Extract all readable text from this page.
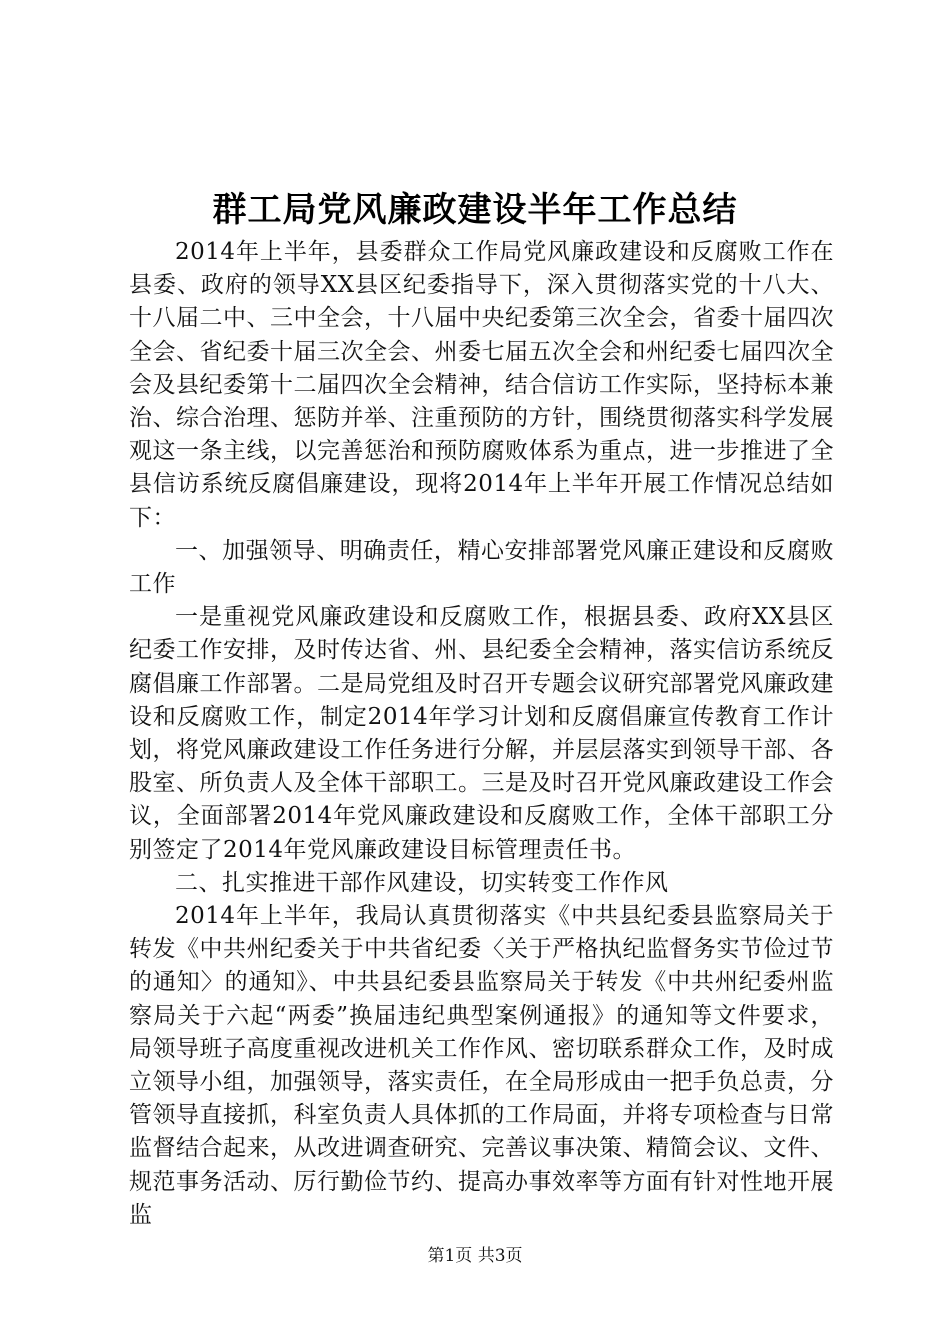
群工局党风廉政建设半年工作总结

2014年上半年，县委群众工作局党风廉政建设和反腐败工作在县委、政府的领导XX县区纪委指导下，深入贯彻落实党的十八大、十八届二中、三中全会，十八届中央纪委第三次全会，省委十届四次全会、省纪委十届三次全会、州委七届五次全会和州纪委七届四次全会及县纪委第十二届四次全会精神，结合信访工作实际，坚持标本兼治、综合治理、惩防并举、注重预防的方针，围绕贯彻落实科学发展观这一条主线，以完善惩治和预防腐败体系为重点，进一步推进了全县信访系统反腐倡廉建设，现将2014年上半年开展工作情况总结如下：

一、加强领导、明确责任，精心安排部署党风廉正建设和反腐败工作

一是重视党风廉政建设和反腐败工作，根据县委、政府XX县区纪委工作安排，及时传达省、州、县纪委全会精神，落实信访系统反腐倡廉工作部署。二是局党组及时召开专题会议研究部署党风廉政建设和反腐败工作，制定2014年学习计划和反腐倡廉宣传教育工作计划，将党风廉政建设工作任务进行分解，并层层落实到领导干部、各股室、所负责人及全体干部职工。三是及时召开党风廉政建设工作会议，全面部署2014年党风廉政建设和反腐败工作，全体干部职工分别签定了2014年党风廉政建设目标管理责任书。

二、扎实推进干部作风建设，切实转变工作作风

2014年上半年，我局认真贯彻落实《中共县纪委县监察局关于转发《中共州纪委关于中共省纪委〈关于严格执纪监督务实节俭过节的通知〉的通知》、中共县纪委县监察局关于转发《中共州纪委州监察局关于六起“两委”换届违纪典型案例通报》的通知等文件要求，局领导班子高度重视改进机关工作作风、密切联系群众工作，及时成立领导小组，加强领导，落实责任，在全局形成由一把手负总责，分管领导直接抓，科室负责人具体抓的工作局面，并将专项检查与日常监督结合起来，从改进调查研究、完善议事决策、精简会议、文件、规范事务活动、厉行勤俭节约、提高办事效率等方面有针对性地开展监

第1页 共3页
